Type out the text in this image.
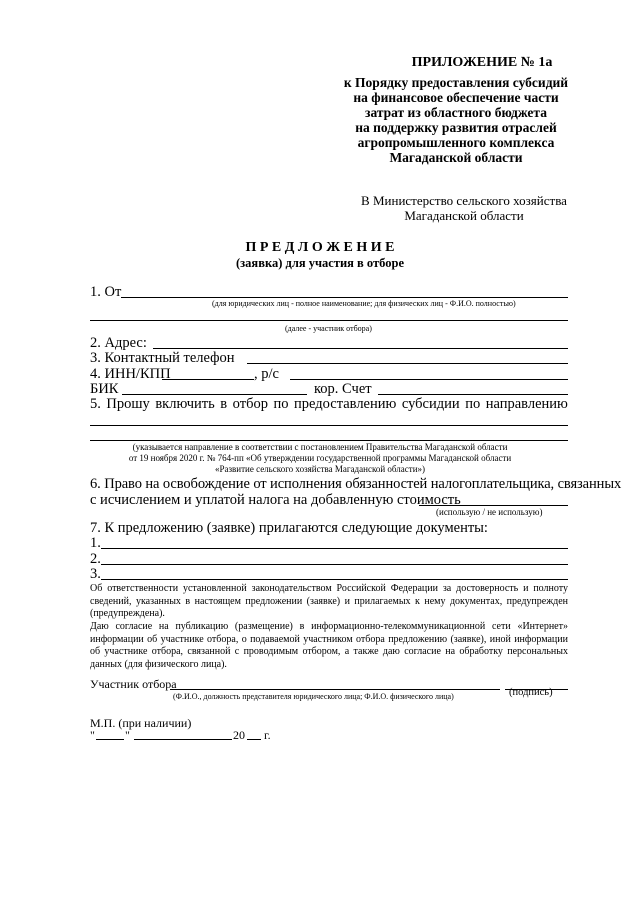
ПРИЛОЖЕНИЕ № 1а
к Порядку предоставления субсидий
на финансовое обеспечение части
затрат из областного бюджета
на поддержку развития отраслей
агропромышленного комплекса
Магаданской области
В Министерство сельского хозяйства
Магаданской области
П Р Е Д Л О Ж Е Н И Е
(заявка) для участия в отборе
1. От
(для юридических лиц - полное наименование; для физических лиц - Ф.И.О. полностью)
(далее - участник отбора)
2. Адрес:
3. Контактный телефон
4. ИНН/КПП	, р/с
БИК	кор. Счет
5. Прошу включить в отбор по предоставлению субсидии по направлению
(указывается направление в соответствии с постановлением Правительства Магаданской области
от 19 ноября 2020 г. № 764-пп «Об утверждении государственной программы Магаданской области
«Развитие сельского хозяйства Магаданской области»)
6. Право на освобождение от исполнения обязанностей налогоплательщика, связанных
с исчислением и уплатой налога на добавленную стоимость
(использую / не использую)
7. К предложению (заявке) прилагаются следующие документы:
1.
2.
3.
Об ответственности установленной законодательством Российской Федерации за достоверность и полноту сведений, указанных в настоящем предложении (заявке) и прилагаемых к нему документах, предупрежден (предупреждена).
Даю согласие на публикацию (размещение) в информационно-телекоммуникационной сети «Интернет» информации об участнике отбора, о подаваемой участником отбора предложению (заявке), иной информации об участнике отбора, связанной с проводимым отбором, а также даю согласие на обработку персональных данных (для физического лица).
Участник отбора
(Ф.И.О., должность представителя юридического лица; Ф.И.О. физического лица)	(подпись)
М.П. (при наличии)
"	"	20 г.
